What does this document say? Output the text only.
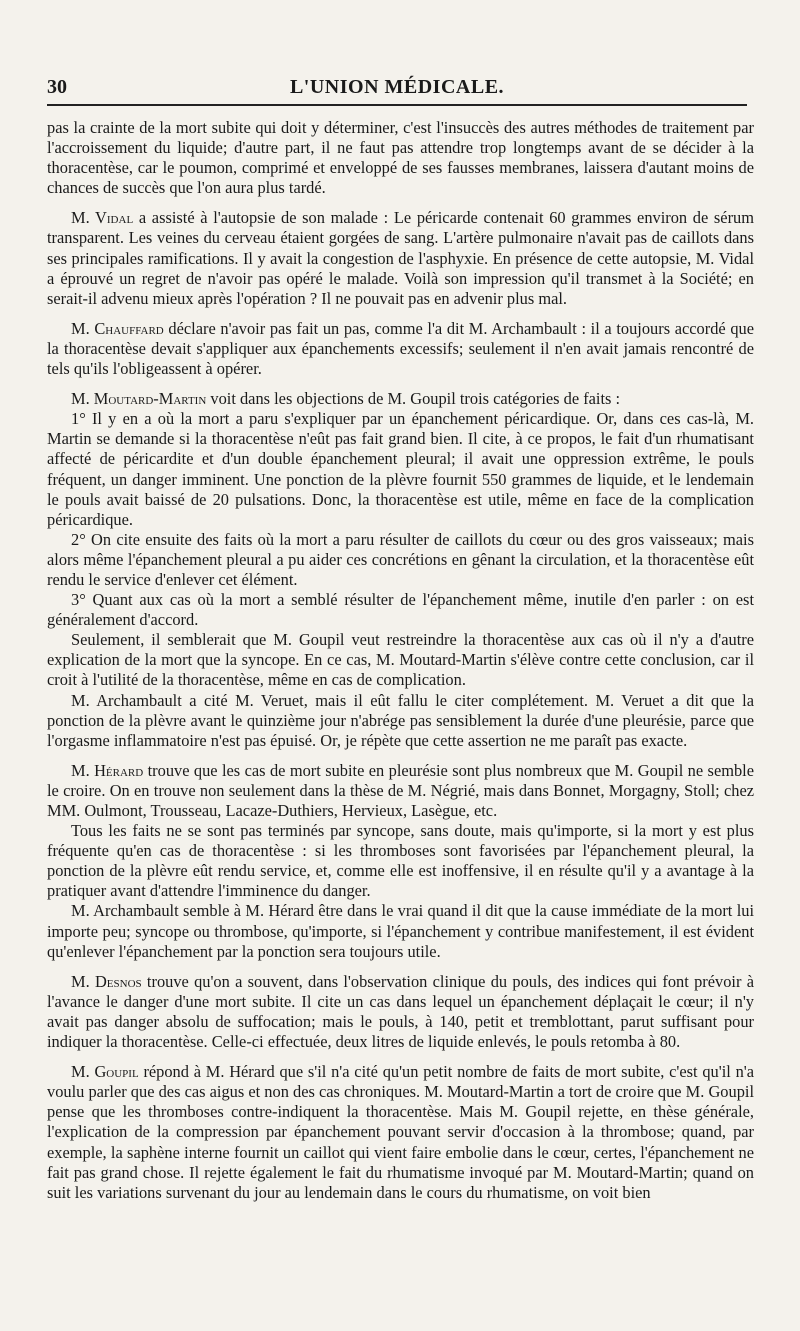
30	L'UNION MÉDICALE.

pas la crainte de la mort subite qui doit y déterminer, c'est l'insuccès des autres méthodes de traitement par l'accroissement du liquide; d'autre part, il ne faut pas attendre trop longtemps avant de se décider à la thoracentèse, car le poumon, comprimé et enveloppé de ses fausses membranes, laissera d'autant moins de chances de succès que l'on aura plus tardé.

M. Vidal a assisté à l'autopsie de son malade : Le péricarde contenait 60 grammes environ de sérum transparent. Les veines du cerveau étaient gorgées de sang. L'artère pulmonaire n'avait pas de caillots dans ses principales ramifications. Il y avait la congestion de l'asphyxie. En présence de cette autopsie, M. Vidal a éprouvé un regret de n'avoir pas opéré le malade. Voilà son impression qu'il transmet à la Société; en serait-il advenu mieux après l'opération ? Il ne pouvait pas en advenir plus mal.

M. Chauffard déclare n'avoir pas fait un pas, comme l'a dit M. Archambault : il a toujours accordé que la thoracentèse devait s'appliquer aux épanchements excessifs; seulement il n'en avait jamais rencontré de tels qu'ils l'obligeassent à opérer.

M. Moutard-Martin voit dans les objections de M. Goupil trois catégories de faits :

1° Il y en a où la mort a paru s'expliquer par un épanchement péricardique. Or, dans ces cas-là, M. Martin se demande si la thoracentèse n'eût pas fait grand bien. Il cite, à ce propos, le fait d'un rhumatisant affecté de péricardite et d'un double épanchement pleural; il avait une oppression extrême, le pouls fréquent, un danger imminent. Une ponction de la plèvre fournit 550 grammes de liquide, et le lendemain le pouls avait baissé de 20 pulsations. Donc, la thoracentèse est utile, même en face de la complication péricardique.

2° On cite ensuite des faits où la mort a paru résulter de caillots du cœur ou des gros vaisseaux; mais alors même l'épanchement pleural a pu aider ces concrétions en gênant la circulation, et la thoracentèse eût rendu le service d'enlever cet élément.

3° Quant aux cas où la mort a semblé résulter de l'épanchement même, inutile d'en parler : on est généralement d'accord.

Seulement, il semblerait que M. Goupil veut restreindre la thoracentèse aux cas où il n'y a d'autre explication de la mort que la syncope. En ce cas, M. Moutard-Martin s'élève contre cette conclusion, car il croit à l'utilité de la thoracentèse, même en cas de complication.

M. Archambault a cité M. Veruet, mais il eût fallu le citer complétement. M. Veruet a dit que la ponction de la plèvre avant le quinzième jour n'abrége pas sensiblement la durée d'une pleurésie, parce que l'orgasme inflammatoire n'est pas épuisé. Or, je répète que cette assertion ne me paraît pas exacte.

M. Hérard trouve que les cas de mort subite en pleurésie sont plus nombreux que M. Goupil ne semble le croire. On en trouve non seulement dans la thèse de M. Négrié, mais dans Bonnet, Morgagny, Stoll; chez MM. Oulmont, Trousseau, Lacaze-Duthiers, Hervieux, Lasègue, etc.

Tous les faits ne se sont pas terminés par syncope, sans doute, mais qu'importe, si la mort y est plus fréquente qu'en cas de thoracentèse : si les thromboses sont favorisées par l'épanchement pleural, la ponction de la plèvre eût rendu service, et, comme elle est inoffensive, il en résulte qu'il y a avantage à la pratiquer avant d'attendre l'imminence du danger.

M. Archambault semble à M. Hérard être dans le vrai quand il dit que la cause immédiate de la mort lui importe peu; syncope ou thrombose, qu'importe, si l'épanchement y contribue manifestement, il est évident qu'enlever l'épanchement par la ponction sera toujours utile.

M. Desnos trouve qu'on a souvent, dans l'observation clinique du pouls, des indices qui font prévoir à l'avance le danger d'une mort subite. Il cite un cas dans lequel un épanchement déplaçait le cœur; il n'y avait pas danger absolu de suffocation; mais le pouls, à 140, petit et tremblottant, parut suffisant pour indiquer la thoracentèse. Celle-ci effectuée, deux litres de liquide enlevés, le pouls retomba à 80.

M. Goupil répond à M. Hérard que s'il n'a cité qu'un petit nombre de faits de mort subite, c'est qu'il n'a voulu parler que des cas aigus et non des cas chroniques. M. Moutard-Martin a tort de croire que M. Goupil pense que les thromboses contre-indiquent la thoracentèse. Mais M. Goupil rejette, en thèse générale, l'explication de la compression par épanchement pouvant servir d'occasion à la thrombose; quand, par exemple, la saphène interne fournit un caillot qui vient faire embolie dans le cœur, certes, l'épanchement ne fait pas grand chose. Il rejette également le fait du rhumatisme invoqué par M. Moutard-Martin; quand on suit les variations survenant du jour au lendemain dans le cours du rhumatisme, on voit bien
